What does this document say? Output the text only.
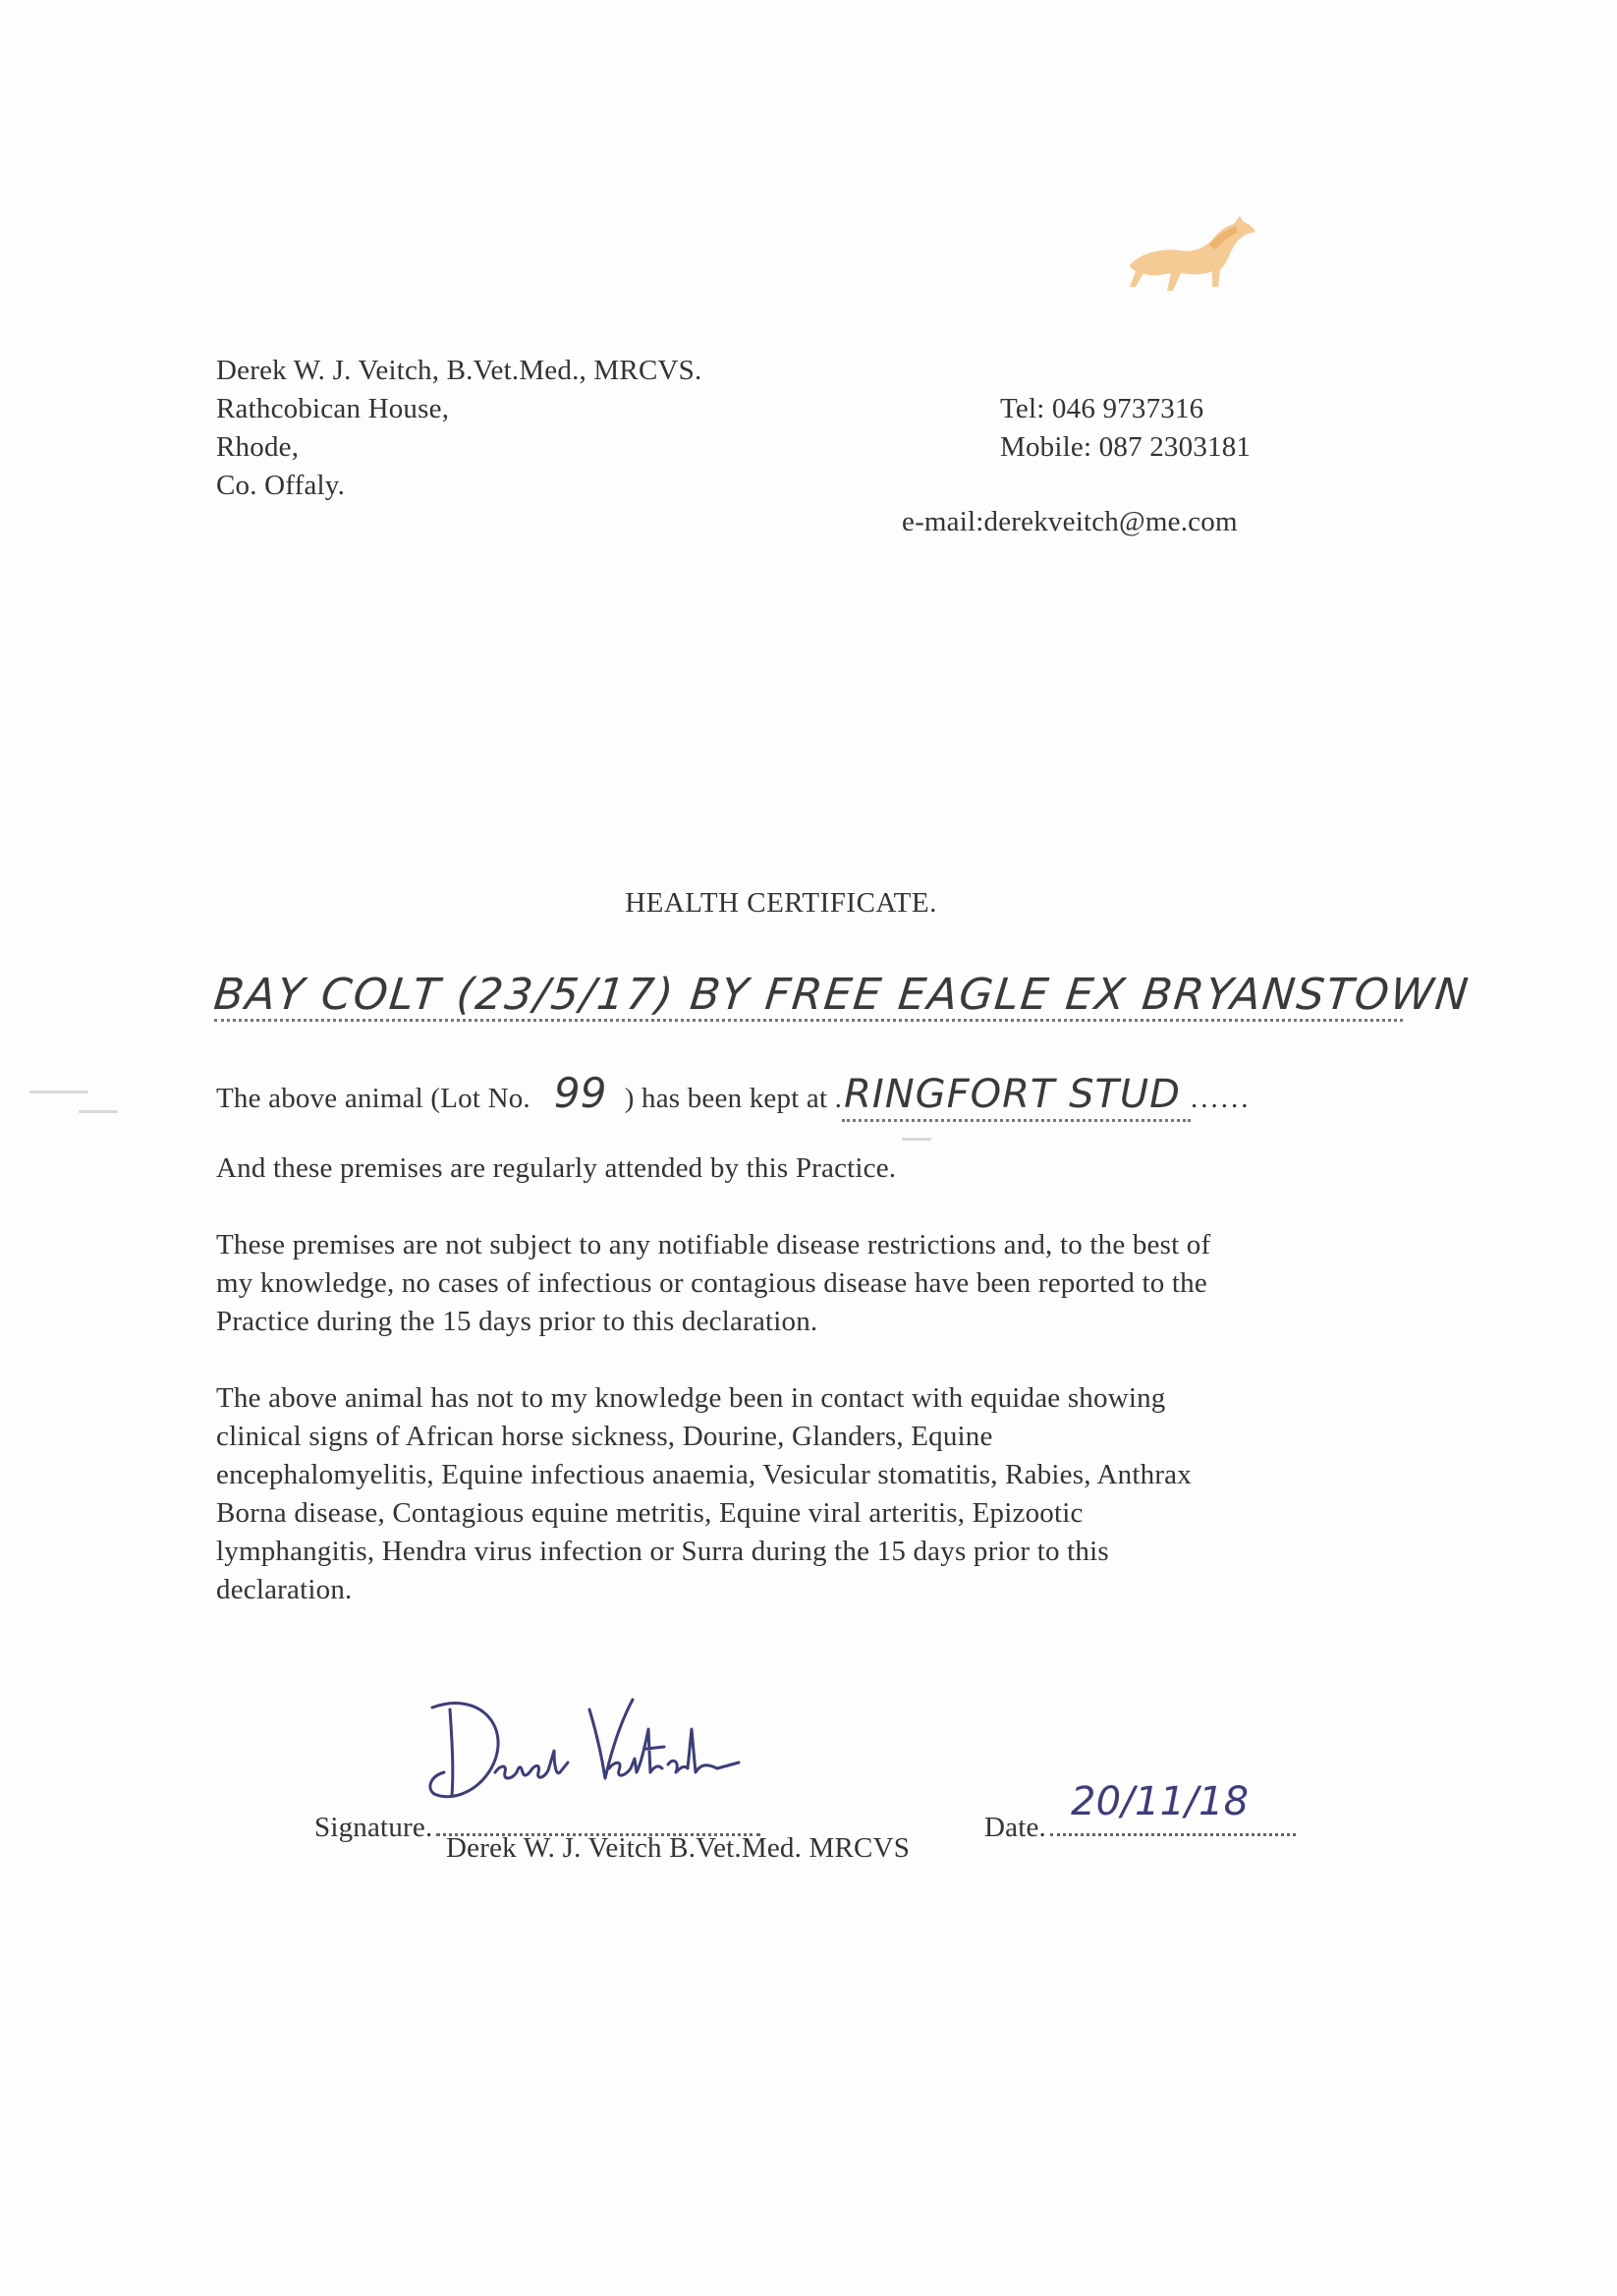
Derek W. J. Veitch, B.Vet.Med., MRCVS.
Rathcobican House,
Rhode,
Co. Offaly.
Tel: 046 9737316
Mobile: 087 2303181
e-mail:derekveitch@me.com
HEALTH CERTIFICATE.
BAY COLT (23/5/17) BY FREE EAGLE EX BRYANSTOWN
The above animal (Lot No. 99 ) has been kept at .RINGFORT STUD ......
And these premises are regularly attended by this Practice.
These premises are not subject to any notifiable disease restrictions and, to the best of
my knowledge, no cases of infectious or contagious disease have been reported to the
Practice during the 15 days prior to this declaration.
The above animal has not to my knowledge been in contact with equidae showing
clinical signs of African horse sickness, Dourine, Glanders, Equine
encephalomyelitis, Equine infectious anaemia, Vesicular stomatitis, Rabies, Anthrax
Borna disease, Contagious equine metritis, Equine viral arteritis, Epizootic
lymphangitis, Hendra virus infection or Surra during the 15 days prior to this
declaration.
Signature.
20/11/18
Date.
Derek W. J. Veitch B.Vet.Med. MRCVS
